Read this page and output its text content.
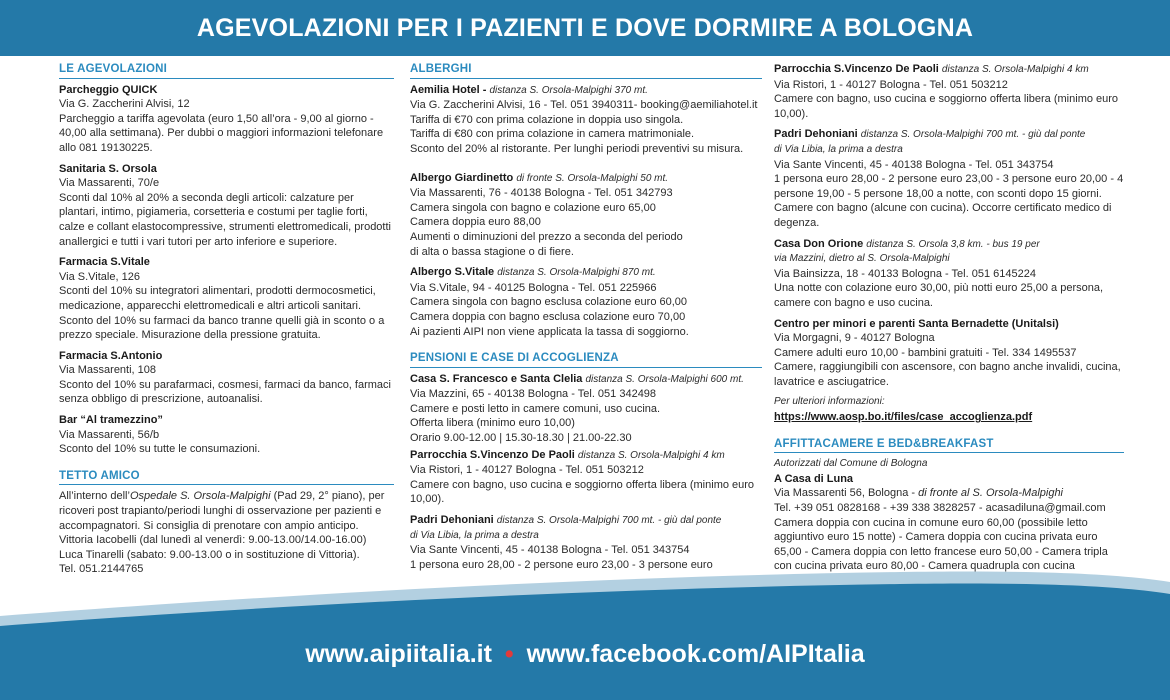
AGEVOLAZIONI PER I PAZIENTI E DOVE DORMIRE A BOLOGNA
LE AGEVOLAZIONI
Parcheggio QUICK
Via G. Zaccherini Alvisi, 12
Parcheggio a tariffa agevolata (euro 1,50 all’ora - 9,00 al giorno - 40,00 alla settimana). Per dubbi o maggiori informazioni telefonare allo 081 19130225.
Sanitaria S. Orsola
Via Massarenti, 70/e
Sconti dal 10% al 20% a seconda degli articoli: calzature per plantari, intimo, pigiameria, corsetteria e costumi per taglie forti, calze e collant elastocompressive, strumenti elettromedicali, prodotti anallergici e tutti i vari tutori per arto inferiore e superiore.
Farmacia S.Vitale
Via S.Vitale, 126
Sconti del 10% su integratori alimentari, prodotti dermocosmetici, medicazione, apparecchi elettromedicali e altri articoli sanitari. Sconto del 10% su farmaci da banco tranne quelli già in sconto o a prezzo speciale. Misurazione della pressione gratuita.
Farmacia S.Antonio
Via Massarenti, 108
Sconto del 10% su parafarmaci, cosmesi, farmaci da banco, farmaci senza obbligo di prescrizione, autoanalisi.
Bar “Al tramezzino”
Via Massarenti, 56/b
Sconto del 10% su tutte le consumazioni.
TETTO AMICO
All’interno dell’Ospedale S. Orsola-Malpighi (Pad 29, 2° piano), per ricoveri post trapianto/periodi lunghi di osservazione per pazienti e accompagnatori. Si consiglia di prenotare con ampio anticipo.
Vittoria Iacobelli (dal lunedì al venerdì: 9.00-13.00/14.00-16.00)
Luca Tinarelli (sabato: 9.00-13.00 o in sostituzione di Vittoria).
Tel. 051.2144765
ALBERGHI
Aemilia Hotel - distanza S. Orsola-Malpighi 370 mt.
Via G. Zaccherini Alvisi, 16 - Tel. 051 3940311- booking@aemiliahotel.it
Tariffa di €70 con prima colazione in doppia uso singola.
Tariffa di €80 con prima colazione in camera matrimoniale.
Sconto del 20% al ristorante. Per lunghi periodi preventivi su misura.
Albergo Giardinetto di fronte S. Orsola-Malpighi 50 mt.
Via Massarenti, 76 - 40138 Bologna - Tel. 051 342793
Camera singola con bagno e colazione euro 65,00
Camera doppia euro 88,00
Aumenti o diminuzioni del prezzo a seconda del periodo
di alta o bassa stagione o di fiere.
Albergo S.Vitale distanza S. Orsola-Malpighi 870 mt.
Via S.Vitale, 94 - 40125 Bologna - Tel. 051 225966
Camera singola con bagno esclusa colazione euro 60,00
Camera doppia con bagno esclusa colazione euro 70,00
Ai pazienti AIPI non viene applicata la tassa di soggiorno.
PENSIONI E CASE DI ACCOGLIENZA
Casa S. Francesco e Santa Clelia distanza S. Orsola-Malpighi 600 mt.
Via Mazzini, 65 - 40138 Bologna - Tel. 051 342498
Camere e posti letto in camere comuni, uso cucina.
Offerta libera (minimo euro 10,00)
Orario 9.00-12.00 | 15.30-18.30 | 21.00-22.30
Parrocchia S.Vincenzo De Paoli distanza S. Orsola-Malpighi 4 km
Via Ristori, 1 - 40127 Bologna - Tel. 051 503212
Camere con bagno, uso cucina e soggiorno offerta libera (minimo euro 10,00).
Padri Dehoniani distanza S. Orsola-Malpighi 700 mt. - giù dal ponte
di Via Libia, la prima a destra
Via Sante Vincenti, 45 - 40138 Bologna - Tel. 051 343754
1 persona euro 28,00 - 2 persone euro 23,00 - 3 persone euro
Parrocchia S.Vincenzo De Paoli distanza S. Orsola-Malpighi 4 km
Via Ristori, 1 - 40127 Bologna - Tel. 051 503212
Camere con bagno, uso cucina e soggiorno offerta libera (minimo euro 10,00).
Padri Dehoniani distanza S. Orsola-Malpighi 700 mt. - giù dal ponte
di Via Libia, la prima a destra
Via Sante Vincenti, 45 - 40138 Bologna - Tel. 051 343754
1 persona euro 28,00 - 2 persone euro 23,00 - 3 persone euro 20,00 - 4 persone 19,00 - 5 persone 18,00 a notte, con sconti dopo 15 giorni. Camere con bagno (alcune con cucina). Occorre certificato medico di degenza.
Casa Don Orione distanza S. Orsola 3,8 km. - bus 19 per
via Mazzini, dietro al S. Orsola-Malpighi
Via Bainsizza, 18 - 40133 Bologna - Tel. 051 6145224
Una notte con colazione euro 30,00, più notti euro 25,00 a persona, camere con bagno e uso cucina.
Centro per minori e parenti Santa Bernadette (Unitalsi)
Via Morgagni, 9 - 40127 Bologna
Camere adulti euro 10,00 - bambini gratuiti - Tel. 334 1495537
Camere, raggiungibili con ascensore, con bagno anche invalidi, cucina, lavatrice e asciugatrice.
Per ulteriori informazioni:
https://www.aosp.bo.it/files/case_accoglienza.pdf
AFFITTACAMERE E BED&BREAKFAST
Autorizzati dal Comune di Bologna
A Casa di Luna
Via Massarenti 56, Bologna - di fronte al S. Orsola-Malpighi
Tel. +39 051 0828168 - +39 338 3828257 - acasadiluna@gmail.com
Camera doppia con cucina in comune euro 60,00 (possibile letto aggiuntivo euro 15 notte) - Camera doppia con cucina privata euro 65,00 - Camera doppia con letto francese euro 50,00 - Camera tripla con cucina privata euro 80,00 - Camera quadrupla con cucina
www.aipiitalia.it • www.facebook.com/AIPItalia
